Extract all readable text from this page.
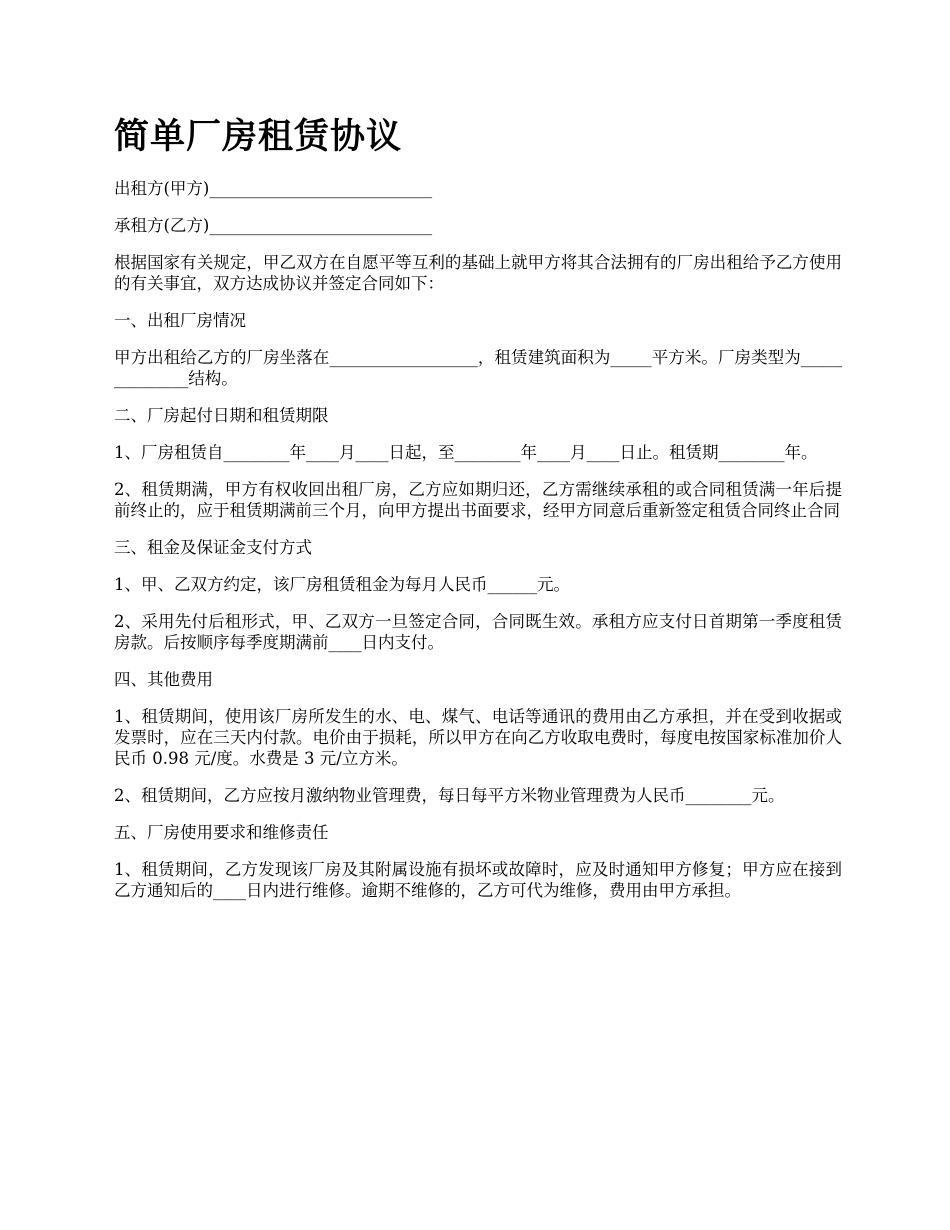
简单厂房租赁协议

出租方(甲方)___________________________

承租方(乙方)___________________________

根据国家有关规定，甲乙双方在自愿平等互利的基础上就甲方将其合法拥有的厂房出租给予乙方使用的有关事宜，双方达成协议并签定合同如下：

一、出租厂房情况

甲方出租给乙方的厂房坐落在__________________，租赁建筑面积为_____平方米。厂房类型为______________结构。

二、厂房起付日期和租赁期限

1、厂房租赁自________年____月____日起，至________年____月____日止。租赁期________年。

2、租赁期满，甲方有权收回出租厂房，乙方应如期归还，乙方需继续承租的或合同租赁满一年后提前终止的，应于租赁期满前三个月，向甲方提出书面要求，经甲方同意后重新签定租赁合同终止合同

三、租金及保证金支付方式

1、甲、乙双方约定，该厂房租赁租金为每月人民币______元。

2、采用先付后租形式，甲、乙双方一旦签定合同，合同既生效。承租方应支付日首期第一季度租赁房款。后按顺序每季度期满前____日内支付。

四、其他费用

1、租赁期间，使用该厂房所发生的水、电、煤气、电话等通讯的费用由乙方承担，并在受到收据或发票时，应在三天内付款。电价由于损耗，所以甲方在向乙方收取电费时，每度电按国家标准加价人民币 0.98 元/度。水费是 3 元/立方米。

2、租赁期间，乙方应按月激纳物业管理费，每日每平方米物业管理费为人民币________元。

五、厂房使用要求和维修责任

1、租赁期间，乙方发现该厂房及其附属设施有损坏或故障时，应及时通知甲方修复；甲方应在接到乙方通知后的____日内进行维修。逾期不维修的，乙方可代为维修，费用由甲方承担。
